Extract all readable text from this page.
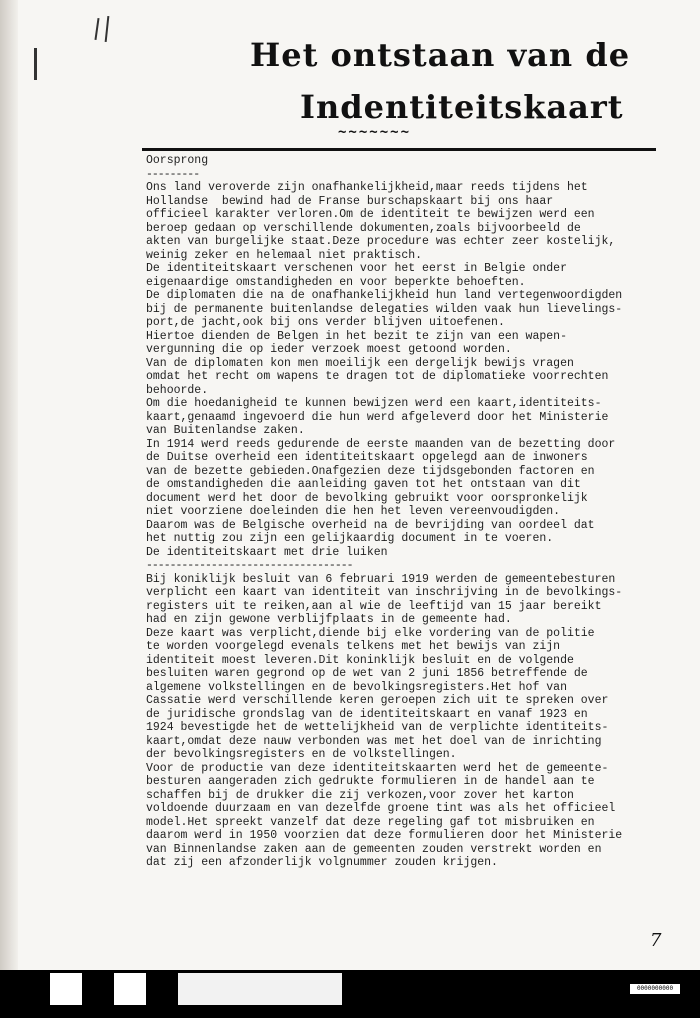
Het ontstaan van de
Indentiteitskaart
~~~~~~~

Oorsprong

---------

Ons land veroverde zijn onafhankelijkheid,maar reeds tijdens het

Hollandse  bewind had de Franse burschapskaart bij ons haar

officieel karakter verloren.Om de identiteit te bewijzen werd een

beroep gedaan op verschillende dokumenten,zoals bijvoorbeeld de

akten van burgelijke staat.Deze procedure was echter zeer kostelijk,

weinig zeker en helemaal niet praktisch.

De identiteitskaart verschenen voor het eerst in Belgie onder

eigenaardige omstandigheden en voor beperkte behoeften.

De diplomaten die na de onafhankelijkheid hun land vertegenwoordigden

bij de permanente buitenlandse delegaties wilden vaak hun lievelings-

port,de jacht,ook bij ons verder blijven uitoefenen.

Hiertoe dienden de Belgen in het bezit te zijn van een wapen-

vergunning die op ieder verzoek moest getoond worden.

Van de diplomaten kon men moeilijk een dergelijk bewijs vragen

omdat het recht om wapens te dragen tot de diplomatieke voorrechten

behoorde.

Om die hoedanigheid te kunnen bewijzen werd een kaart,identiteits-

kaart,genaamd ingevoerd die hun werd afgeleverd door het Ministerie

van Buitenlandse zaken.

In 1914 werd reeds gedurende de eerste maanden van de bezetting door

de Duitse overheid een identiteitskaart opgelegd aan de inwoners

van de bezette gebieden.Onafgezien deze tijdsgebonden factoren en

de omstandigheden die aanleiding gaven tot het ontstaan van dit

document werd het door de bevolking gebruikt voor oorspronkelijk

niet voorziene doeleinden die hen het leven vereenvoudigden.

Daarom was de Belgische overheid na de bevrijding van oordeel dat

het nuttig zou zijn een gelijkaardig document in te voeren.

De identiteitskaart met drie luiken

-----------------------------------

Bij koniklijk besluit van 6 februari 1919 werden de gemeentebesturen

verplicht een kaart van identiteit van inschrijving in de bevolkings-

registers uit te reiken,aan al wie de leeftijd van 15 jaar bereikt

had en zijn gewone verblijfplaats in de gemeente had.

Deze kaart was verplicht,diende bij elke vordering van de politie

te worden voorgelegd evenals telkens met het bewijs van zijn

identiteit moest leveren.Dit koninklijk besluit en de volgende

besluiten waren gegrond op de wet van 2 juni 1856 betreffende de

algemene volkstellingen en de bevolkingsregisters.Het hof van

Cassatie werd verschillende keren geroepen zich uit te spreken over

de juridische grondslag van de identiteitskaart en vanaf 1923 en

1924 bevestigde het de wettelijkheid van de verplichte identiteits-

kaart,omdat deze nauw verbonden was met het doel van de inrichting

der bevolkingsregisters en de volkstellingen.

Voor de productie van deze identiteitskaarten werd het de gemeente-

besturen aangeraden zich gedrukte formulieren in de handel aan te

schaffen bij de drukker die zij verkozen,voor zover het karton

voldoende duurzaam en van dezelfde groene tint was als het officieel

model.Het spreekt vanzelf dat deze regeling gaf tot misbruiken en

daarom werd in 1950 voorzien dat deze formulieren door het Ministerie

van Binnenlandse zaken aan de gemeenten zouden verstrekt worden en

dat zij een afzonderlijk volgnummer zouden krijgen.

7
0000000000
